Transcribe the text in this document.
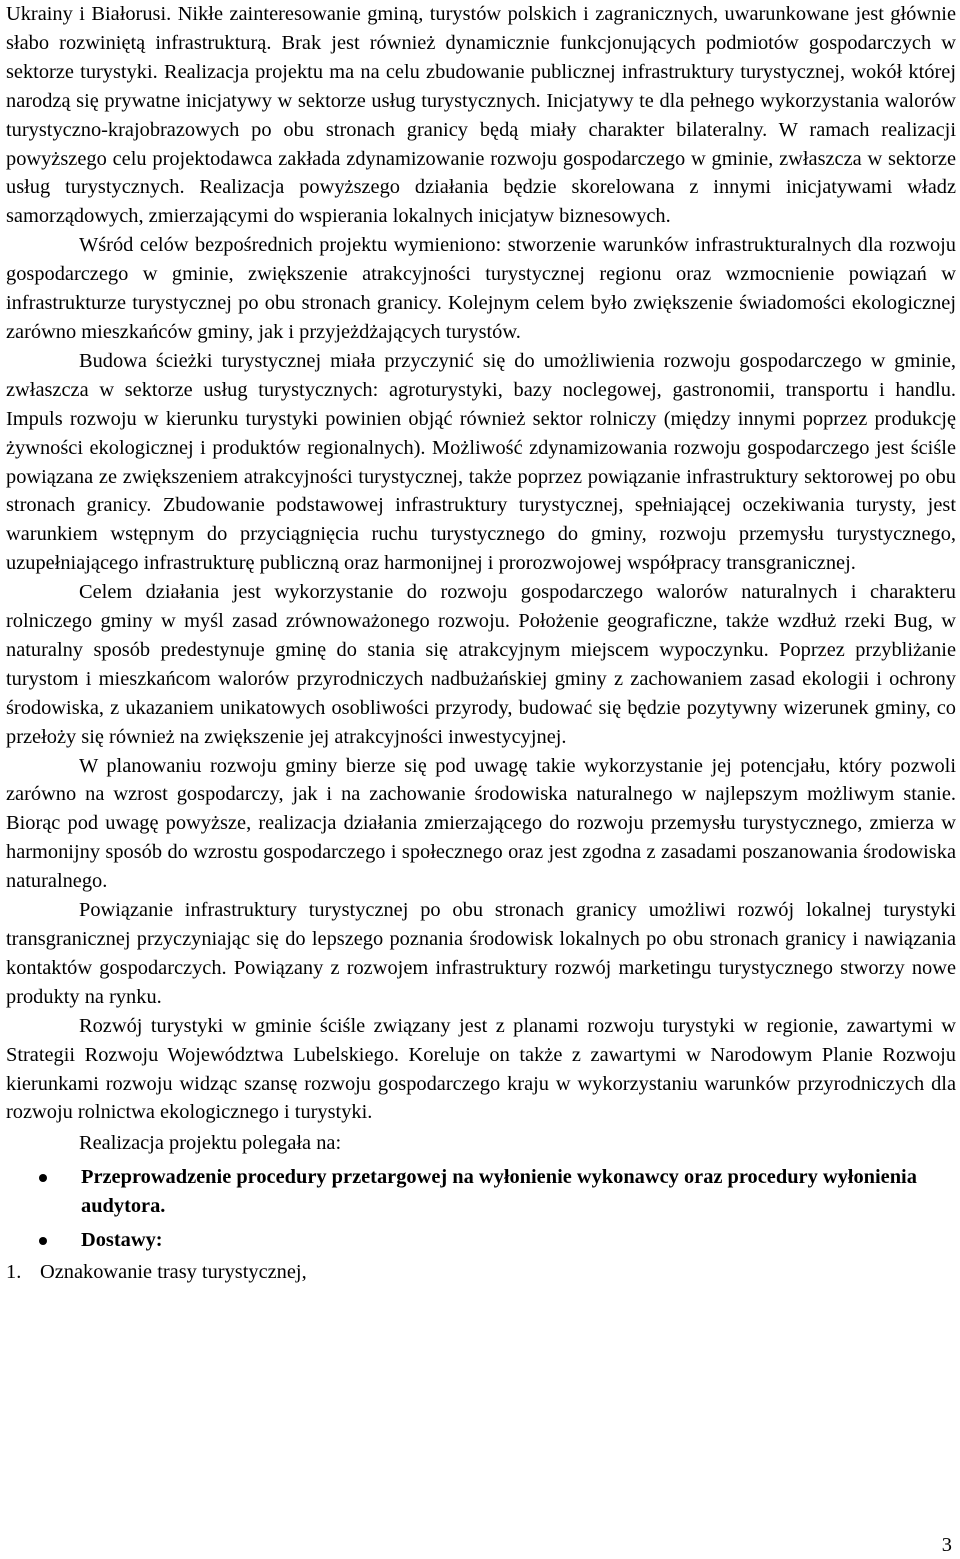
Ukrainy i Białorusi. Nikłe zainteresowanie gminą, turystów polskich i zagranicznych, uwarunkowane jest głównie słabo rozwiniętą infrastrukturą. Brak jest również dynamicznie funkcjonujących podmiotów gospodarczych w sektorze turystyki. Realizacja projektu ma na celu zbudowanie publicznej infrastruktury turystycznej, wokół której narodzą się prywatne inicjatywy w sektorze usług turystycznych. Inicjatywy te dla pełnego wykorzystania walorów turystyczno-krajobrazowych po obu stronach granicy będą miały charakter bilateralny. W ramach realizacji powyższego celu projektodawca zakłada zdynamizowanie rozwoju gospodarczego w gminie, zwłaszcza w sektorze usług turystycznych. Realizacja powyższego działania będzie skorelowana z innymi inicjatywami władz samorządowych, zmierzającymi do wspierania lokalnych inicjatyw biznesowych.

Wśród celów bezpośrednich projektu wymieniono: stworzenie warunków infrastrukturalnych dla rozwoju gospodarczego w gminie, zwiększenie atrakcyjności turystycznej regionu oraz wzmocnienie powiązań w infrastrukturze turystycznej po obu stronach granicy. Kolejnym celem było zwiększenie świadomości ekologicznej zarówno mieszkańców gminy, jak i przyjeżdżających turystów.

Budowa ścieżki turystycznej miała przyczynić się do umożliwienia rozwoju gospodarczego w gminie, zwłaszcza w sektorze usług turystycznych: agroturystyki, bazy noclegowej, gastronomii, transportu i handlu. Impuls rozwoju w kierunku turystyki powinien objąć również sektor rolniczy (między innymi poprzez produkcję żywności ekologicznej i produktów regionalnych). Możliwość zdynamizowania rozwoju gospodarczego jest ściśle powiązana ze zwiększeniem atrakcyjności turystycznej, także poprzez powiązanie infrastruktury sektorowej po obu stronach granicy. Zbudowanie podstawowej infrastruktury turystycznej, spełniającej oczekiwania turysty, jest warunkiem wstępnym do przyciągnięcia ruchu turystycznego do gminy, rozwoju przemysłu turystycznego, uzupełniającego infrastrukturę publiczną oraz harmonijnej i prorozwojowej współpracy transgranicznej.

Celem działania jest wykorzystanie do rozwoju gospodarczego walorów naturalnych i charakteru rolniczego gminy w myśl zasad zrównoważonego rozwoju. Położenie geograficzne, także wzdłuż rzeki Bug, w naturalny sposób predestynuje gminę do stania się atrakcyjnym miejscem wypoczynku. Poprzez przybliżanie turystom i mieszkańcom walorów przyrodniczych nadbużańskiej gminy z zachowaniem zasad ekologii i ochrony środowiska, z ukazaniem unikatowych osobliwości przyrody, budować się będzie pozytywny wizerunek gminy, co przełoży się również na zwiększenie jej atrakcyjności inwestycyjnej.

W planowaniu rozwoju gminy bierze się pod uwagę takie wykorzystanie jej potencjału, który pozwoli zarówno na wzrost gospodarczy, jak i na zachowanie środowiska naturalnego w najlepszym możliwym stanie. Biorąc pod uwagę powyższe, realizacja działania zmierzającego do rozwoju przemysłu turystycznego, zmierza w harmonijny sposób do wzrostu gospodarczego i społecznego oraz jest zgodna z zasadami poszanowania środowiska naturalnego.

Powiązanie infrastruktury turystycznej po obu stronach granicy umożliwi rozwój lokalnej turystyki transgranicznej przyczyniając się do lepszego poznania środowisk lokalnych po obu stronach granicy i nawiązania kontaktów gospodarczych. Powiązany z rozwojem infrastruktury rozwój marketingu turystycznego stworzy nowe produkty na rynku.

Rozwój turystyki w gminie ściśle związany jest z planami rozwoju turystyki w regionie, zawartymi w Strategii Rozwoju Województwa Lubelskiego. Koreluje on także z zawartymi w Narodowym Planie Rozwoju kierunkami rozwoju widząc szansę rozwoju gospodarczego kraju w wykorzystaniu warunków przyrodniczych dla rozwoju rolnictwa ekologicznego i turystyki.

Realizacja projektu polegała na:

Przeprowadzenie procedury przetargowej na wyłonienie wykonawcy oraz procedury wyłonienia audytora.
Dostawy:

1. Oznakowanie trasy turystycznej,

3
